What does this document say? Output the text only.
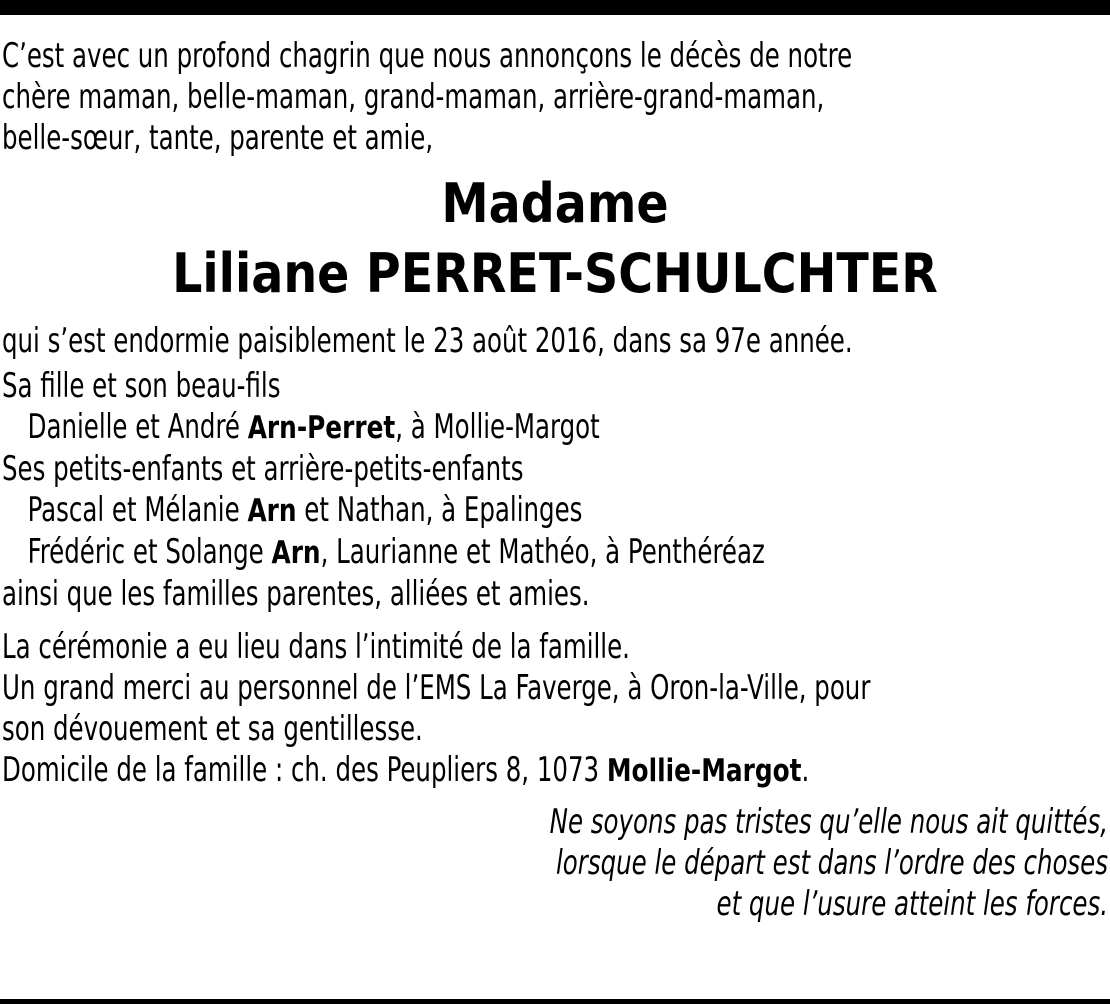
C’est avec un profond chagrin que nous annonçons le décès de notre
chère maman, belle-maman, grand-maman, arrière-grand-maman,
belle-sœur, tante, parente et amie,
Madame
Liliane PERRET-SCHULCHTER
qui s’est endormie paisiblement le 23 août 2016, dans sa 97e année.
Sa fille et son beau-fils
Danielle et André Arn-Perret, à Mollie-Margot
Ses petits-enfants et arrière-petits-enfants
Pascal et Mélanie Arn et Nathan, à Epalinges
Frédéric et Solange Arn, Laurianne et Mathéo, à Penthéréaz
ainsi que les familles parentes, alliées et amies.
La cérémonie a eu lieu dans l’intimité de la famille.
Un grand merci au personnel de l’EMS La Faverge, à Oron-la-Ville, pour
son dévouement et sa gentillesse.
Domicile de la famille : ch. des Peupliers 8, 1073 Mollie-Margot.
Ne soyons pas tristes qu’elle nous ait quittés,
lorsque le départ est dans l’ordre des choses
et que l’usure atteint les forces.
